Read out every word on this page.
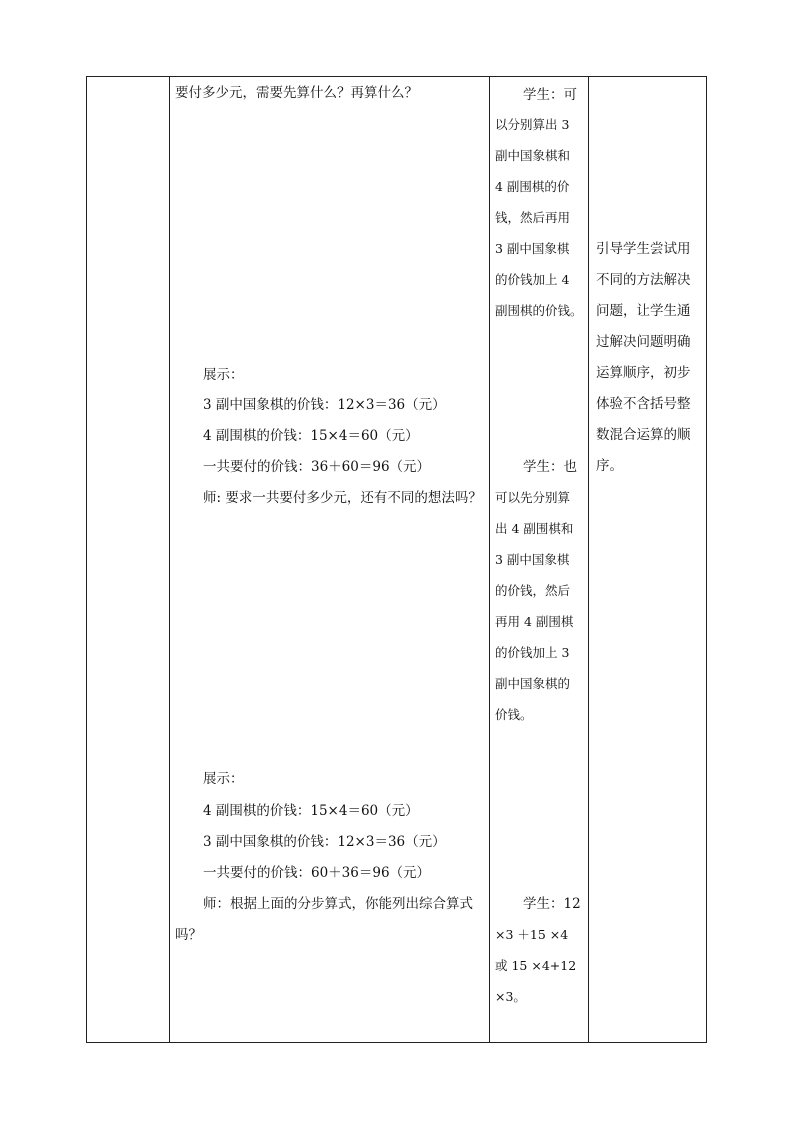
要付多少元，需要先算什么？再算什么？
展示：
3 副中国象棋的价钱：12×3＝36（元）
4 副围棋的价钱：15×4＝60（元）
一共要付的价钱：36＋60＝96（元）
师: 要求一共要付多少元，还有不同的想法吗？
展示：
4 副围棋的价钱：15×4＝60（元）
3 副中国象棋的价钱：12×3＝36（元）
一共要付的价钱：60＋36＝96（元）
师：根据上面的分步算式，你能列出综合算式
吗？
学生：可
以分别算出 3
副中国象棋和
4 副围棋的价
钱，然后再用
3 副中国象棋
的价钱加上 4
副围棋的价钱。
学生：也
可以先分别算
出 4 副围棋和
3 副中国象棋
的价钱，然后
再用 4 副围棋
的价钱加上 3
副中国象棋的
价钱。
学生：12
×3 ＋15 ×4
或 15 ×4+12
×3。
引导学生尝试用
不同的方法解决
问题，让学生通
过解决问题明确
运算顺序，初步
体验不含括号整
数混合运算的顺
序。
